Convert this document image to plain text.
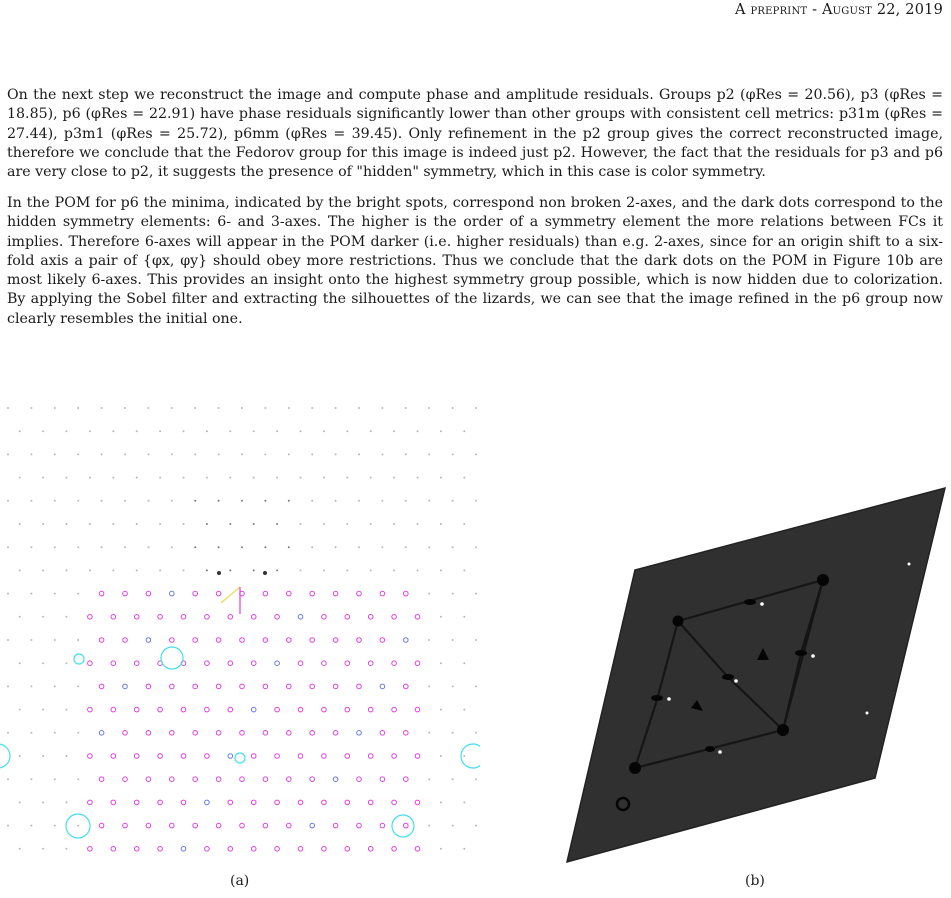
A preprint - August 22, 2019

On the next step we reconstruct the image and compute phase and amplitude residuals. Groups p2 (φRes = 20.56), p3 (φRes = 18.85), p6 (φRes = 22.91) have phase residuals significantly lower than other groups with consistent cell metrics: p31m (φRes = 27.44), p3m1 (φRes = 25.72), p6mm (φRes = 39.45). Only refinement in the p2 group gives the correct reconstructed image, therefore we conclude that the Fedorov group for this image is indeed just p2. However, the fact that the residuals for p3 and p6 are very close to p2, it suggests the presence of "hidden" symmetry, which in this case is color symmetry.

In the POM for p6 the minima, indicated by the bright spots, correspond non broken 2-axes, and the dark dots correspond to the hidden symmetry elements: 6- and 3-axes. The higher is the order of a symmetry element the more relations between FCs it implies. Therefore 6-axes will appear in the POM darker (i.e. higher residuals) than e.g. 2-axes, since for an origin shift to a six-fold axis a pair of {φx, φy} should obey more restrictions. Thus we conclude that the dark dots on the POM in Figure 10b are most likely 6-axes. This provides an insight onto the highest symmetry group possible, which is now hidden due to colorization. By applying the Sobel filter and extracting the silhouettes of the lizards, we can see that the image refined in the p6 group now clearly resembles the initial one.

(a)	(b)
